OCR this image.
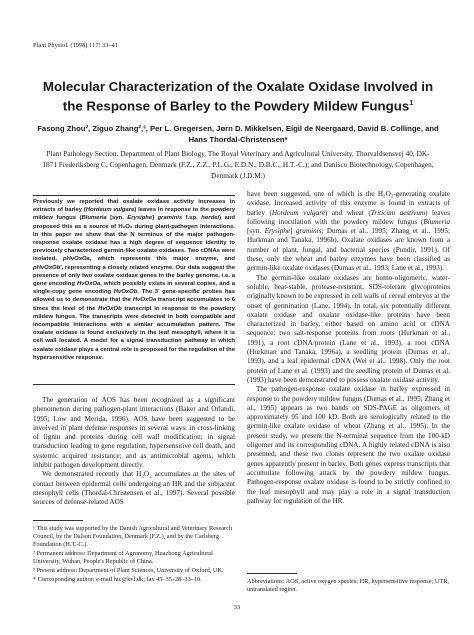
Plant Physiol. (1998) 117: 33–41
Molecular Characterization of the Oxalate Oxidase Involved in the Response of Barley to the Powdery Mildew Fungus$^1$
Fasong Zhou², Ziguo Zhang²,³, Per L. Gregersen, Jørn D. Mikkelsen, Eigil de Neergaard, David B. Collinge, and Hans Thordal-Christensen*
Plant Pathology Section, Department of Plant Biology, The Royal Veterinary and Agricultural University, Thorvaldsensvej 40, DK-1871 Frederiksberg C, Copenhagen, Denmark (F.Z., Z.Z., P.L.G., E.D.N., D.B.C., H.T.-C.); and Danisco Biotechnology, Copenhagen, Denmark (J.D.M.)

Previously we reported that oxalate oxidase activity increases in extracts of barley (Hordeum vulgare) leaves in response to the powdery mildew fungus (Blumeria [syn. Erysiphe] graminis f.sp. hordei) and proposed this as a source of H₂O₂ during plant-pathogen interactions. In this paper we show that the N terminus of the major pathogen-response oxalate oxidase has a high degree of sequence identity to previously characterized germin-like oxalate oxidases. Two cDNAs were isolated, pHvOxOa, which represents this major enzyme, and pHvOxOb', representing a closely related enzyme. Our data suggest the presence of only two oxalate oxidase genes in the barley genome, i.e. a gene encoding HvOxOa, which possibly exists in several copies, and a single-copy gene encoding HvOxOb. The 3' gene-specific probes has allowed us to demonstrate that the HvOxOa transcript accumulates to 6 times the level of the HvOxOb transcript in response to the powdery mildew fungus. The transcripts were detected in both compatible and incompatible interactions with a similar accumulation pattern. The oxalate oxidase is found exclusively in the leaf mesophyll, where it is cell wall located. A model for a signal transduction pathway in which oxalate oxidase plays a central role is proposed for the regulation of the hypersensitive response.

The generation of AOS has been recognized as a significant phenomenon during pathogen-plant interactions (Baker and Orlandi, 1995; Low and Merida, 1996). AOS have been suggested to be involved in plant defense responses in several ways: in cross-linking of lignin and proteins during cell wall modification; in signal transduction leading to gene regulation, hypersensitive cell death, and systemic acquired resistance; and as antimicrobial agents, which inhibit pathogen development directly.

We demonstrated recently that H₂O₂ accumulates at the sites of contact between epidermal cells undergoing an HR and the subjacent mesophyll cells (Thordal-Christensen et al., 1997). Several possible sources of defense-related AOS

¹ This study was supported by the Danish Agricultural and Veterinary Research Council, by the Dalson Foundation, Denmark (F.Z.), and by the Carlsberg Foundation (H.T.-C.).

² Permanent address: Department of Agronomy, Huazhong Agricultural University, Wuhan, People's Republic of China.

³ Present address: Department of Plant Sciences, University of Oxford, UK.

* Corresponding author; e-mail htc@kvl.dk; fax 45–35–28–33–10.

have been suggested, one of which is the H₂O₂-generating oxalate oxidase. Increased activity of this enzyme is found in extracts of barley (Hordeum vulgare) and wheat (Triticum aestivum) leaves following inoculation with the powdery mildew fungus (Blumeria [syn. Erysiphe] graminis; Dumas et al., 1995; Zhang et al., 1995; Hurkman and Tanaka, 1996b). Oxalate oxidases are known from a number of plant, fungal, and bacterial species (Pundir, 1991). Of these, only the wheat and barley enzymes have been classified as germin-like oxalate oxidases (Dumas et al., 1993; Lane et al., 1993).

The germin-like oxalate oxidases are homo-oligomeric, water-soluble, heat-stable, protease-resistant, SDS-tolerant glycoproteins originally known to be expressed in cell walls of cereal embryos at the onset of germination (Lane, 1994). In total, six potentially different oxalate oxidase and oxalate oxidase-like proteins have been characterized in barley, either based on amino acid or cDNA sequence: two salt-response proteins from roots (Hurkman et al., 1991), a root cDNA/protein (Lane et al., 1993), a root cDNA (Hurkman and Tanaka, 1996a), a seedling protein (Dumas et al., 1993), and a leaf epidermal cDNA (Wei et al., 1998). Only the root protein of Lane et al. (1993) and the seedling protein of Dumas et al. (1993) have been demonstrated to possess oxalate oxidase activity.

The pathogen-response oxalate oxidase in barley expressed in response to the powdery mildew fungus (Dumas et al., 1995; Zhang et al., 1995) appears as two bands on SDS-PAGE as oligomers of approximately 95 and 100 kD. Both are serologically related to the germin-like oxalate oxidase of wheat (Zhang et al., 1995). In the present study, we present the N-terminal sequence from the 100-kD oligomer and its corresponding cDNA. A highly related cDNA is also presented, and these two clones represent the two oxalate oxidase genes apparently present in barley. Both genes express transcripts that accumulate following attack by the powdery mildew fungus. Pathogen-response oxalate oxidase is found to be strictly confined to the leaf mesophyll and may play a role in a signal transduction pathway for regulation of the HR.

Abbreviations: AOS, active oxygen species; HR, hypersensitive response; UTR, untranslated region.
33
